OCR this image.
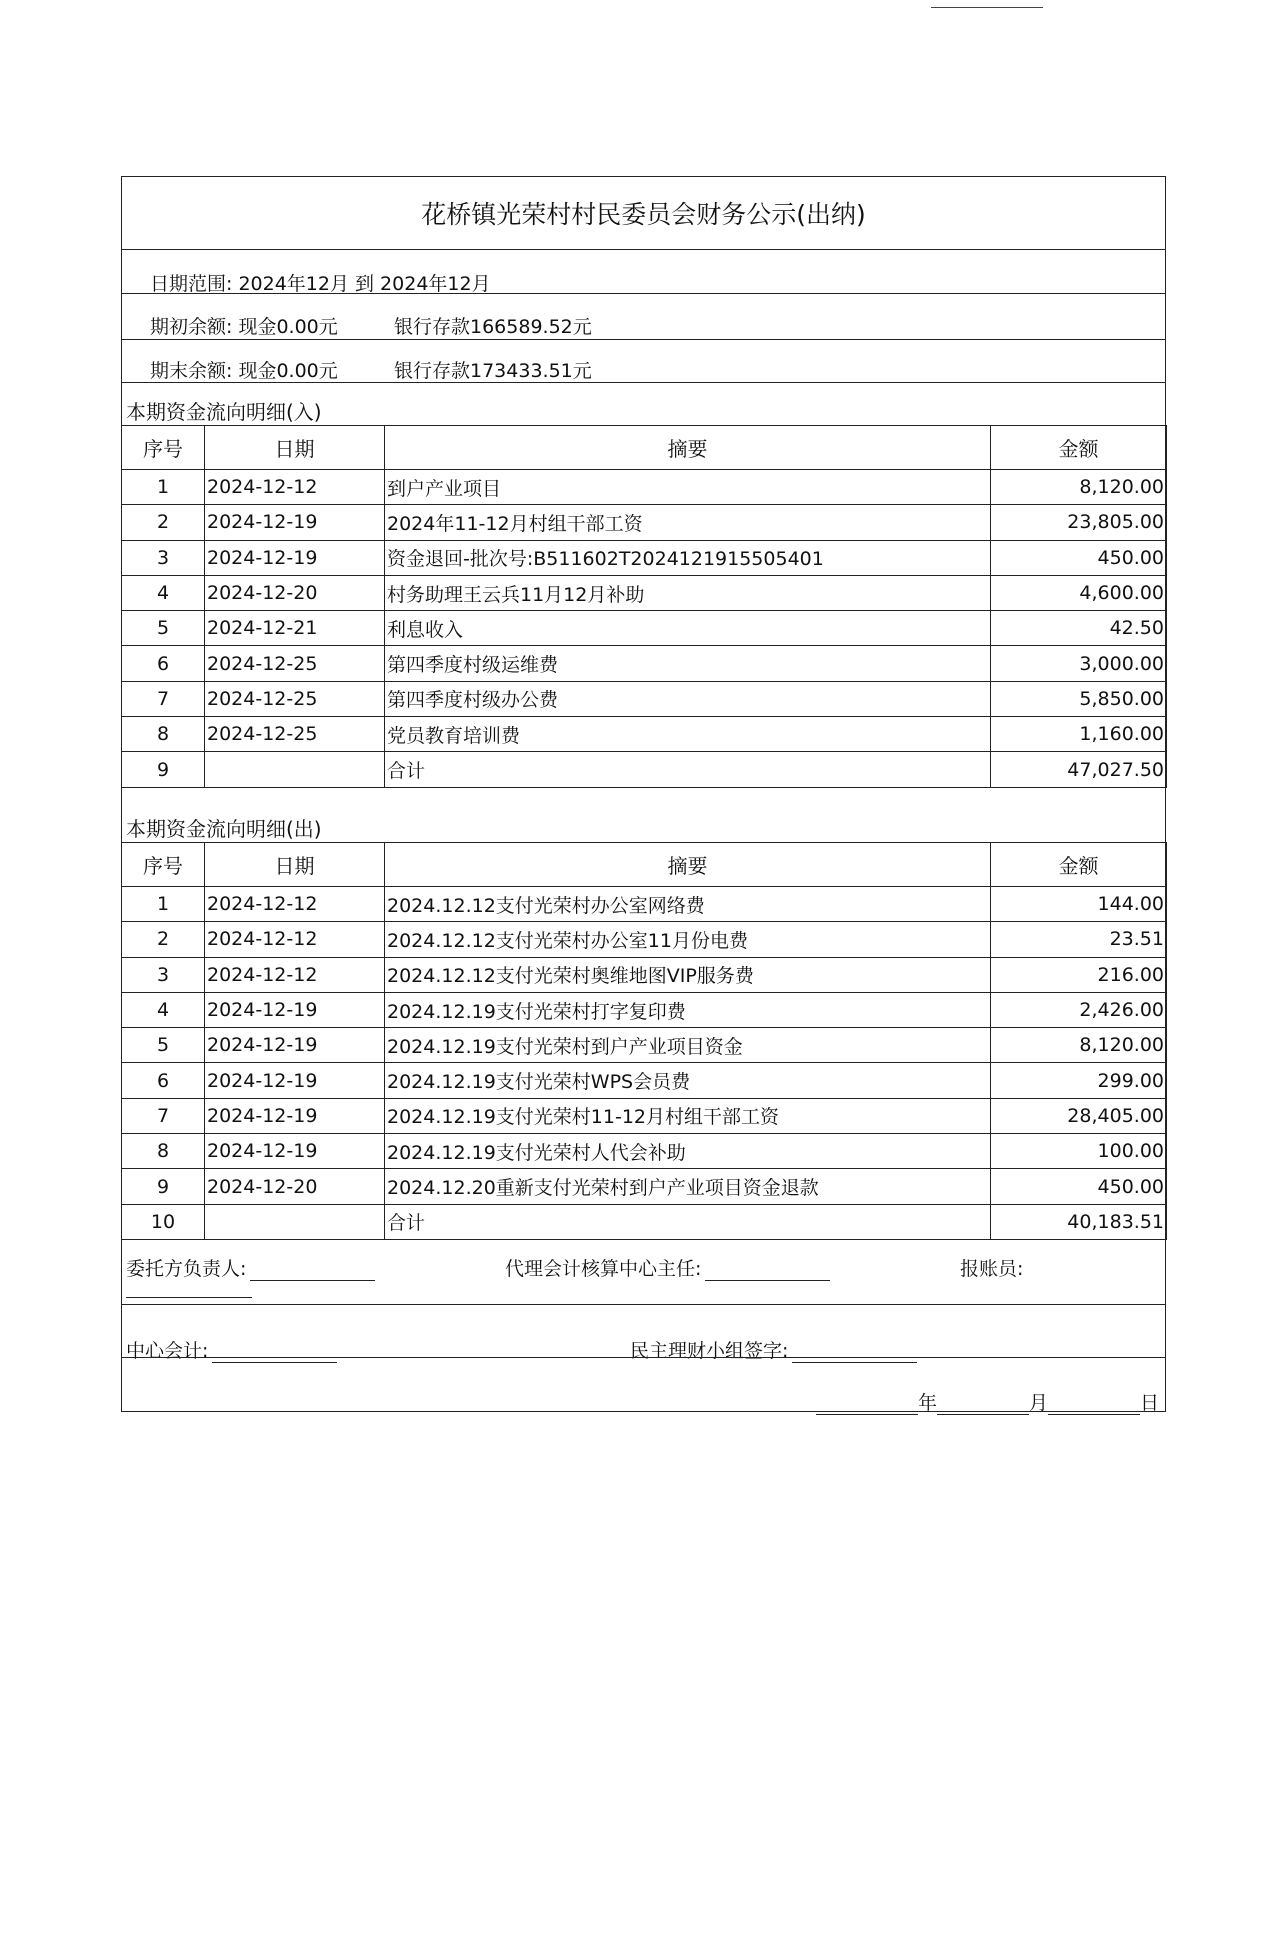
花桥镇光荣村村民委员会财务公示(出纳)
日期范围: 2024年12月 到 2024年12月
期初余额: 现金0.00元	银行存款166589.52元
期末余额: 现金0.00元	银行存款173433.51元
本期资金流向明细(入)
序号	日期	摘要	金额
1	2024-12-12	到户产业项目	8,120.00
2	2024-12-19	2024年11-12月村组干部工资	23,805.00
3	2024-12-19	资金退回-批次号:B511602T2024121915505401	450.00
4	2024-12-20	村务助理王云兵11月12月补助	4,600.00
5	2024-12-21	利息收入	42.50
6	2024-12-25	第四季度村级运维费	3,000.00
7	2024-12-25	第四季度村级办公费	5,850.00
8	2024-12-25	党员教育培训费	1,160.00
9		合计	47,027.50
本期资金流向明细(出)
序号	日期	摘要	金额
1	2024-12-12	2024.12.12支付光荣村办公室网络费	144.00
2	2024-12-12	2024.12.12支付光荣村办公室11月份电费	23.51
3	2024-12-12	2024.12.12支付光荣村奥维地图VIP服务费	216.00
4	2024-12-19	2024.12.19支付光荣村打字复印费	2,426.00
5	2024-12-19	2024.12.19支付光荣村到户产业项目资金	8,120.00
6	2024-12-19	2024.12.19支付光荣村WPS会员费	299.00
7	2024-12-19	2024.12.19支付光荣村11-12月村组干部工资	28,405.00
8	2024-12-19	2024.12.19支付光荣村人代会补助	100.00
9	2024-12-20	2024.12.20重新支付光荣村到户产业项目资金退款	450.00
10		合计	40,183.51
委托方负责人:	代理会计核算中心主任:	报账员:
中心会计:	民主理财小组签字:
年	月	日
